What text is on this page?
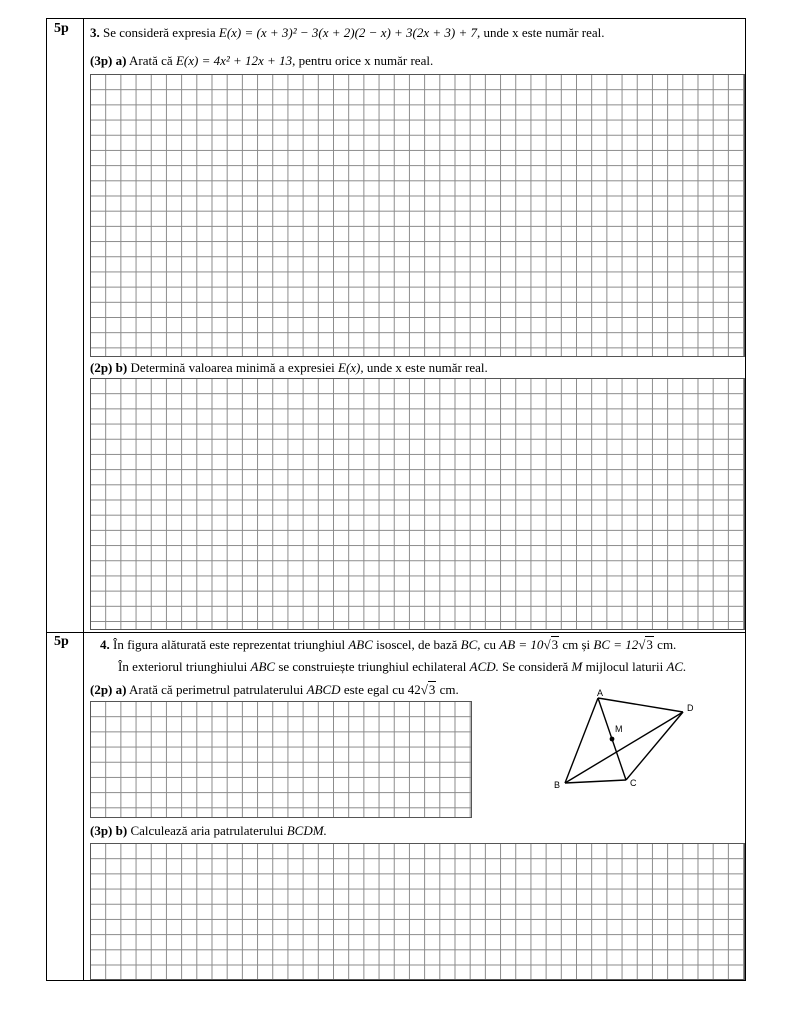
5p 3. Se consideră expresia E(x) = (x + 3)² − 3(x + 2)(2 − x) + 3(2x + 3) + 7, unde x este număr real.
(3p) a) Arată că E(x) = 4x² + 12x + 13, pentru orice x număr real.
(2p) b) Determină valoarea minimă a expresiei E(x), unde x este număr real.
5p 4. În figura alăturată este reprezentat triunghiul ABC isoscel, de bază BC, cu AB = 10√3 cm și BC = 12√3 cm.
În exteriorul triunghiului ABC se construiește triunghiul echilateral ACD. Se consideră M mijlocul laturii AC.
(2p) a) Arată că perimetrul patrulaterului ABCD este egal cu 42√3 cm.	A
B	C
D
M
(3p) b) Calculează aria patrulaterului BCDM.
